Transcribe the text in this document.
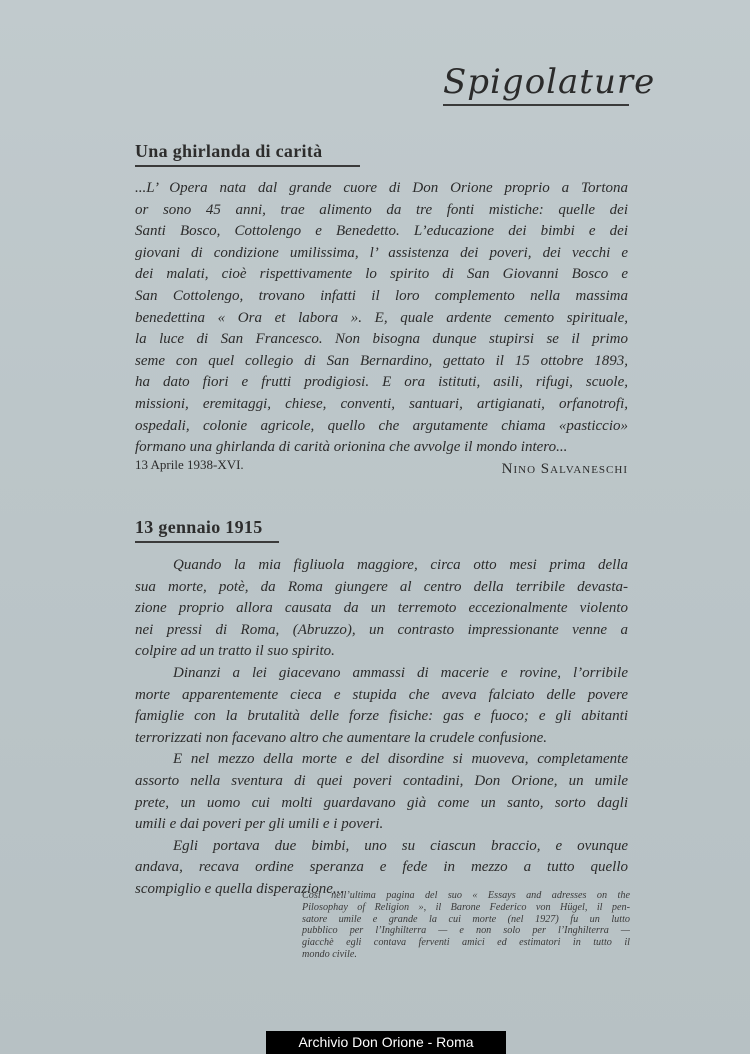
Spigolature
Una ghirlanda di carità
...L’ Opera nata dal grande cuore di Don Orione proprio a Tortona
or sono 45 anni, trae alimento da tre fonti mistiche: quelle dei
Santi Bosco, Cottolengo e Benedetto. L’educazione dei bimbi e dei
giovani di condizione umilissima, l’ assistenza dei poveri, dei vecchi e
dei malati, cioè rispettivamente lo spirito di San Giovanni Bosco e
San Cottolengo, trovano infatti il loro complemento nella massima
benedettina « Ora et labora ». E, quale ardente cemento spirituale,
la luce di San Francesco. Non bisogna dunque stupirsi se il primo
seme con quel collegio di San Bernardino, gettato il 15 ottobre 1893,
ha dato fiori e frutti prodigiosi. E ora istituti, asili, rifugi, scuole,
missioni, eremitaggi, chiese, conventi, santuari, artigianati, orfanotrofi,
ospedali, colonie agricole, quello che argutamente chiama «pasticcio»
formano una ghirlanda di carità orionina che avvolge il mondo intero...
13 Aprile 1938-XVI.	Nino Salvaneschi
13 gennaio 1915
Quando la mia figliuola maggiore, circa otto mesi prima della
sua morte, potè, da Roma giungere al centro della terribile devasta-
zione proprio allora causata da un terremoto eccezionalmente violento
nei pressi di Roma, (Abruzzo), un contrasto impressionante venne a
colpire ad un tratto il suo spirito.
Dinanzi a lei giacevano ammassi di macerie e rovine, l’orribile
morte apparentemente cieca e stupida che aveva falciato delle povere
famiglie con la brutalità delle forze fisiche: gas e fuoco; e gli abitanti
terrorizzati non facevano altro che aumentare la crudele confusione.
E nel mezzo della morte e del disordine si muoveva, completamente
assorto nella sventura di quei poveri contadini, Don Orione, un umile
prete, un uomo cui molti guardavano già come un santo, sorto dagli
umili e dai poveri per gli umili e i poveri.
Egli portava due bimbi, uno su ciascun braccio, e ovunque
andava, recava ordine speranza e fede in mezzo a tutto quello
scompiglio e quella disperazione...
Così nell’ultima pagina del suo « Essays and adresses on the
Pilosophay of Religion », il Barone Federico von Hügel, il pen-
satore umile e grande la cui morte (nel 1927) fu un lutto
pubblico per l’Inghilterra — e non solo per l’Inghilterra —
giacchè egli contava ferventi amici ed estimatori in tutto il
mondo civile.
Archivio Don Orione - Roma
